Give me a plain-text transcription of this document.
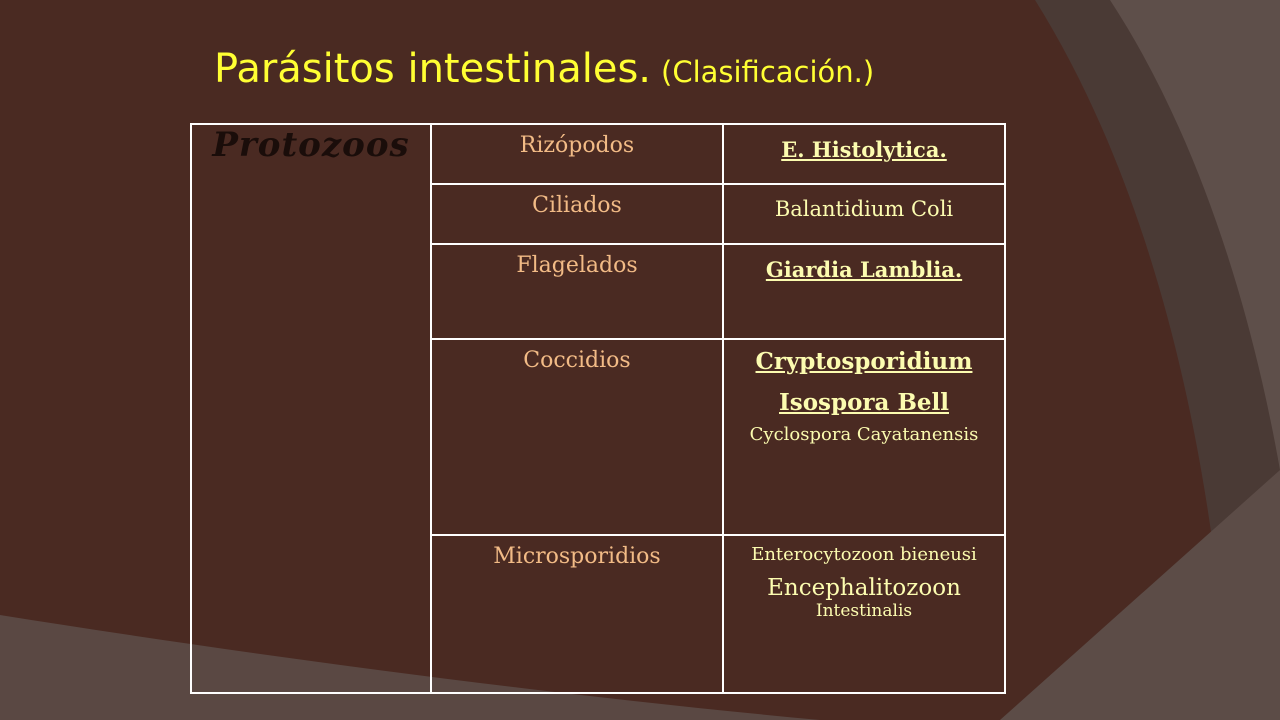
Parásitos intestinales. (Clasificación.)
Protozoos	Rizópodos	E. Histolytica.

	Ciliados	Balantidium Coli

	Flagelados	Giardia Lamblia.

	Coccidios	Cryptosporidium
Isospora Bell
Cyclospora Cayatanensis

	Microsporidios	Enterocytozoon bieneusi
Encephalitozoon
Intestinalis
